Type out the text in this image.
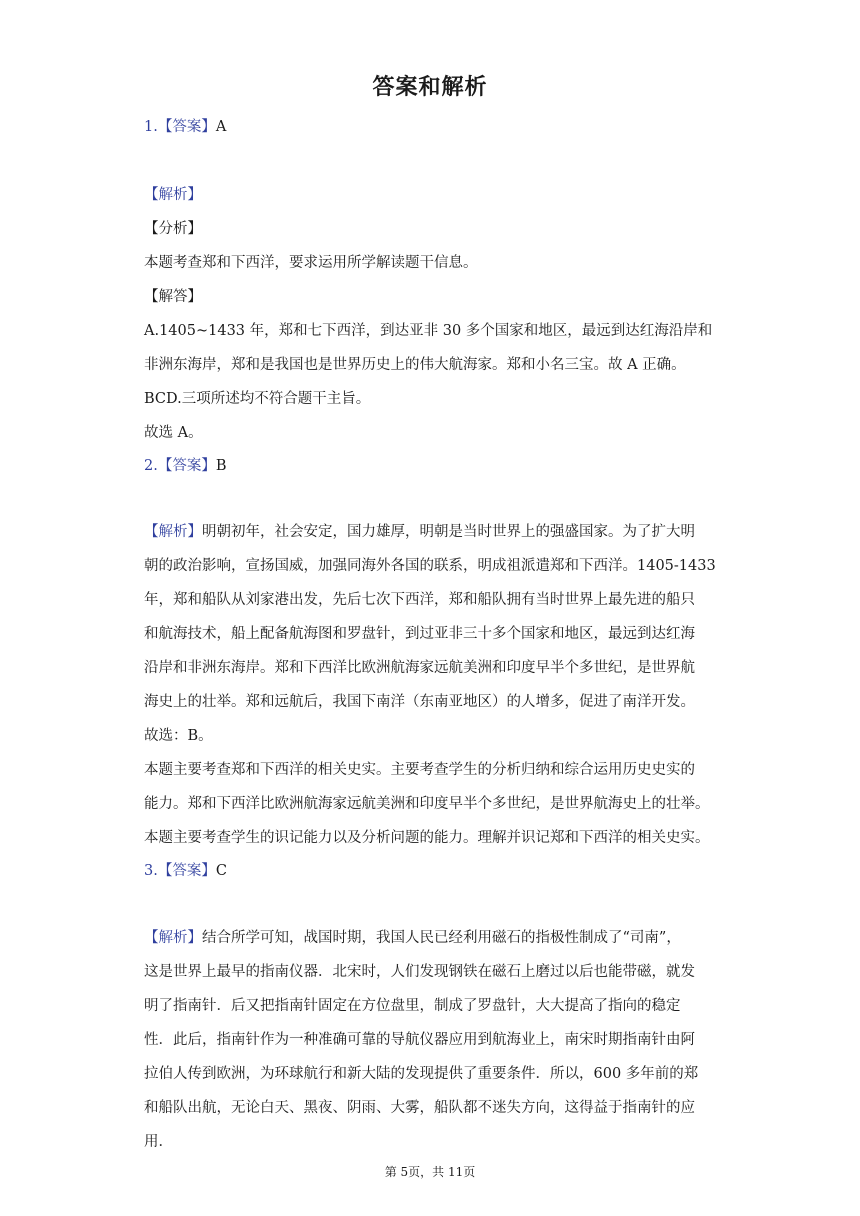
答案和解析
1.【答案】A
【解析】
【分析】
本题考查郑和下西洋，要求运用所学解读题干信息。
【解答】
A.1405~1433 年，郑和七下西洋，到达亚非 30 多个国家和地区，最远到达红海沿岸和
非洲东海岸，郑和是我国也是世界历史上的伟大航海家。郑和小名三宝。故 A 正确。
BCD.三项所述均不符合题干主旨。
故选 A。
2.【答案】B
【解析】明朝初年，社会安定，国力雄厚，明朝是当时世界上的强盛国家。为了扩大明
朝的政治影响，宣扬国威，加强同海外各国的联系，明成祖派遣郑和下西洋。1405-1433
年，郑和船队从刘家港出发，先后七次下西洋，郑和船队拥有当时世界上最先进的船只
和航海技术，船上配备航海图和罗盘针，到过亚非三十多个国家和地区，最远到达红海
沿岸和非洲东海岸。郑和下西洋比欧洲航海家远航美洲和印度早半个多世纪，是世界航
海史上的壮举。郑和远航后，我国下南洋（东南亚地区）的人增多，促进了南洋开发。
故选：B。
本题主要考查郑和下西洋的相关史实。主要考查学生的分析归纳和综合运用历史史实的
能力。郑和下西洋比欧洲航海家远航美洲和印度早半个多世纪，是世界航海史上的壮举。
本题主要考查学生的识记能力以及分析问题的能力。理解并识记郑和下西洋的相关史实。
3.【答案】C
【解析】结合所学可知，战国时期，我国人民已经利用磁石的指极性制成了“司南”，
这是世界上最早的指南仪器．北宋时，人们发现钢铁在磁石上磨过以后也能带磁，就发
明了指南针．后又把指南针固定在方位盘里，制成了罗盘针，大大提高了指向的稳定
性．此后，指南针作为一种准确可靠的导航仪器应用到航海业上，南宋时期指南针由阿
拉伯人传到欧洲，为环球航行和新大陆的发现提供了重要条件．所以，600 多年前的郑
和船队出航，无论白天、黑夜、阴雨、大雾，船队都不迷失方向，这得益于指南针的应
用．
第 5页，共 11页
